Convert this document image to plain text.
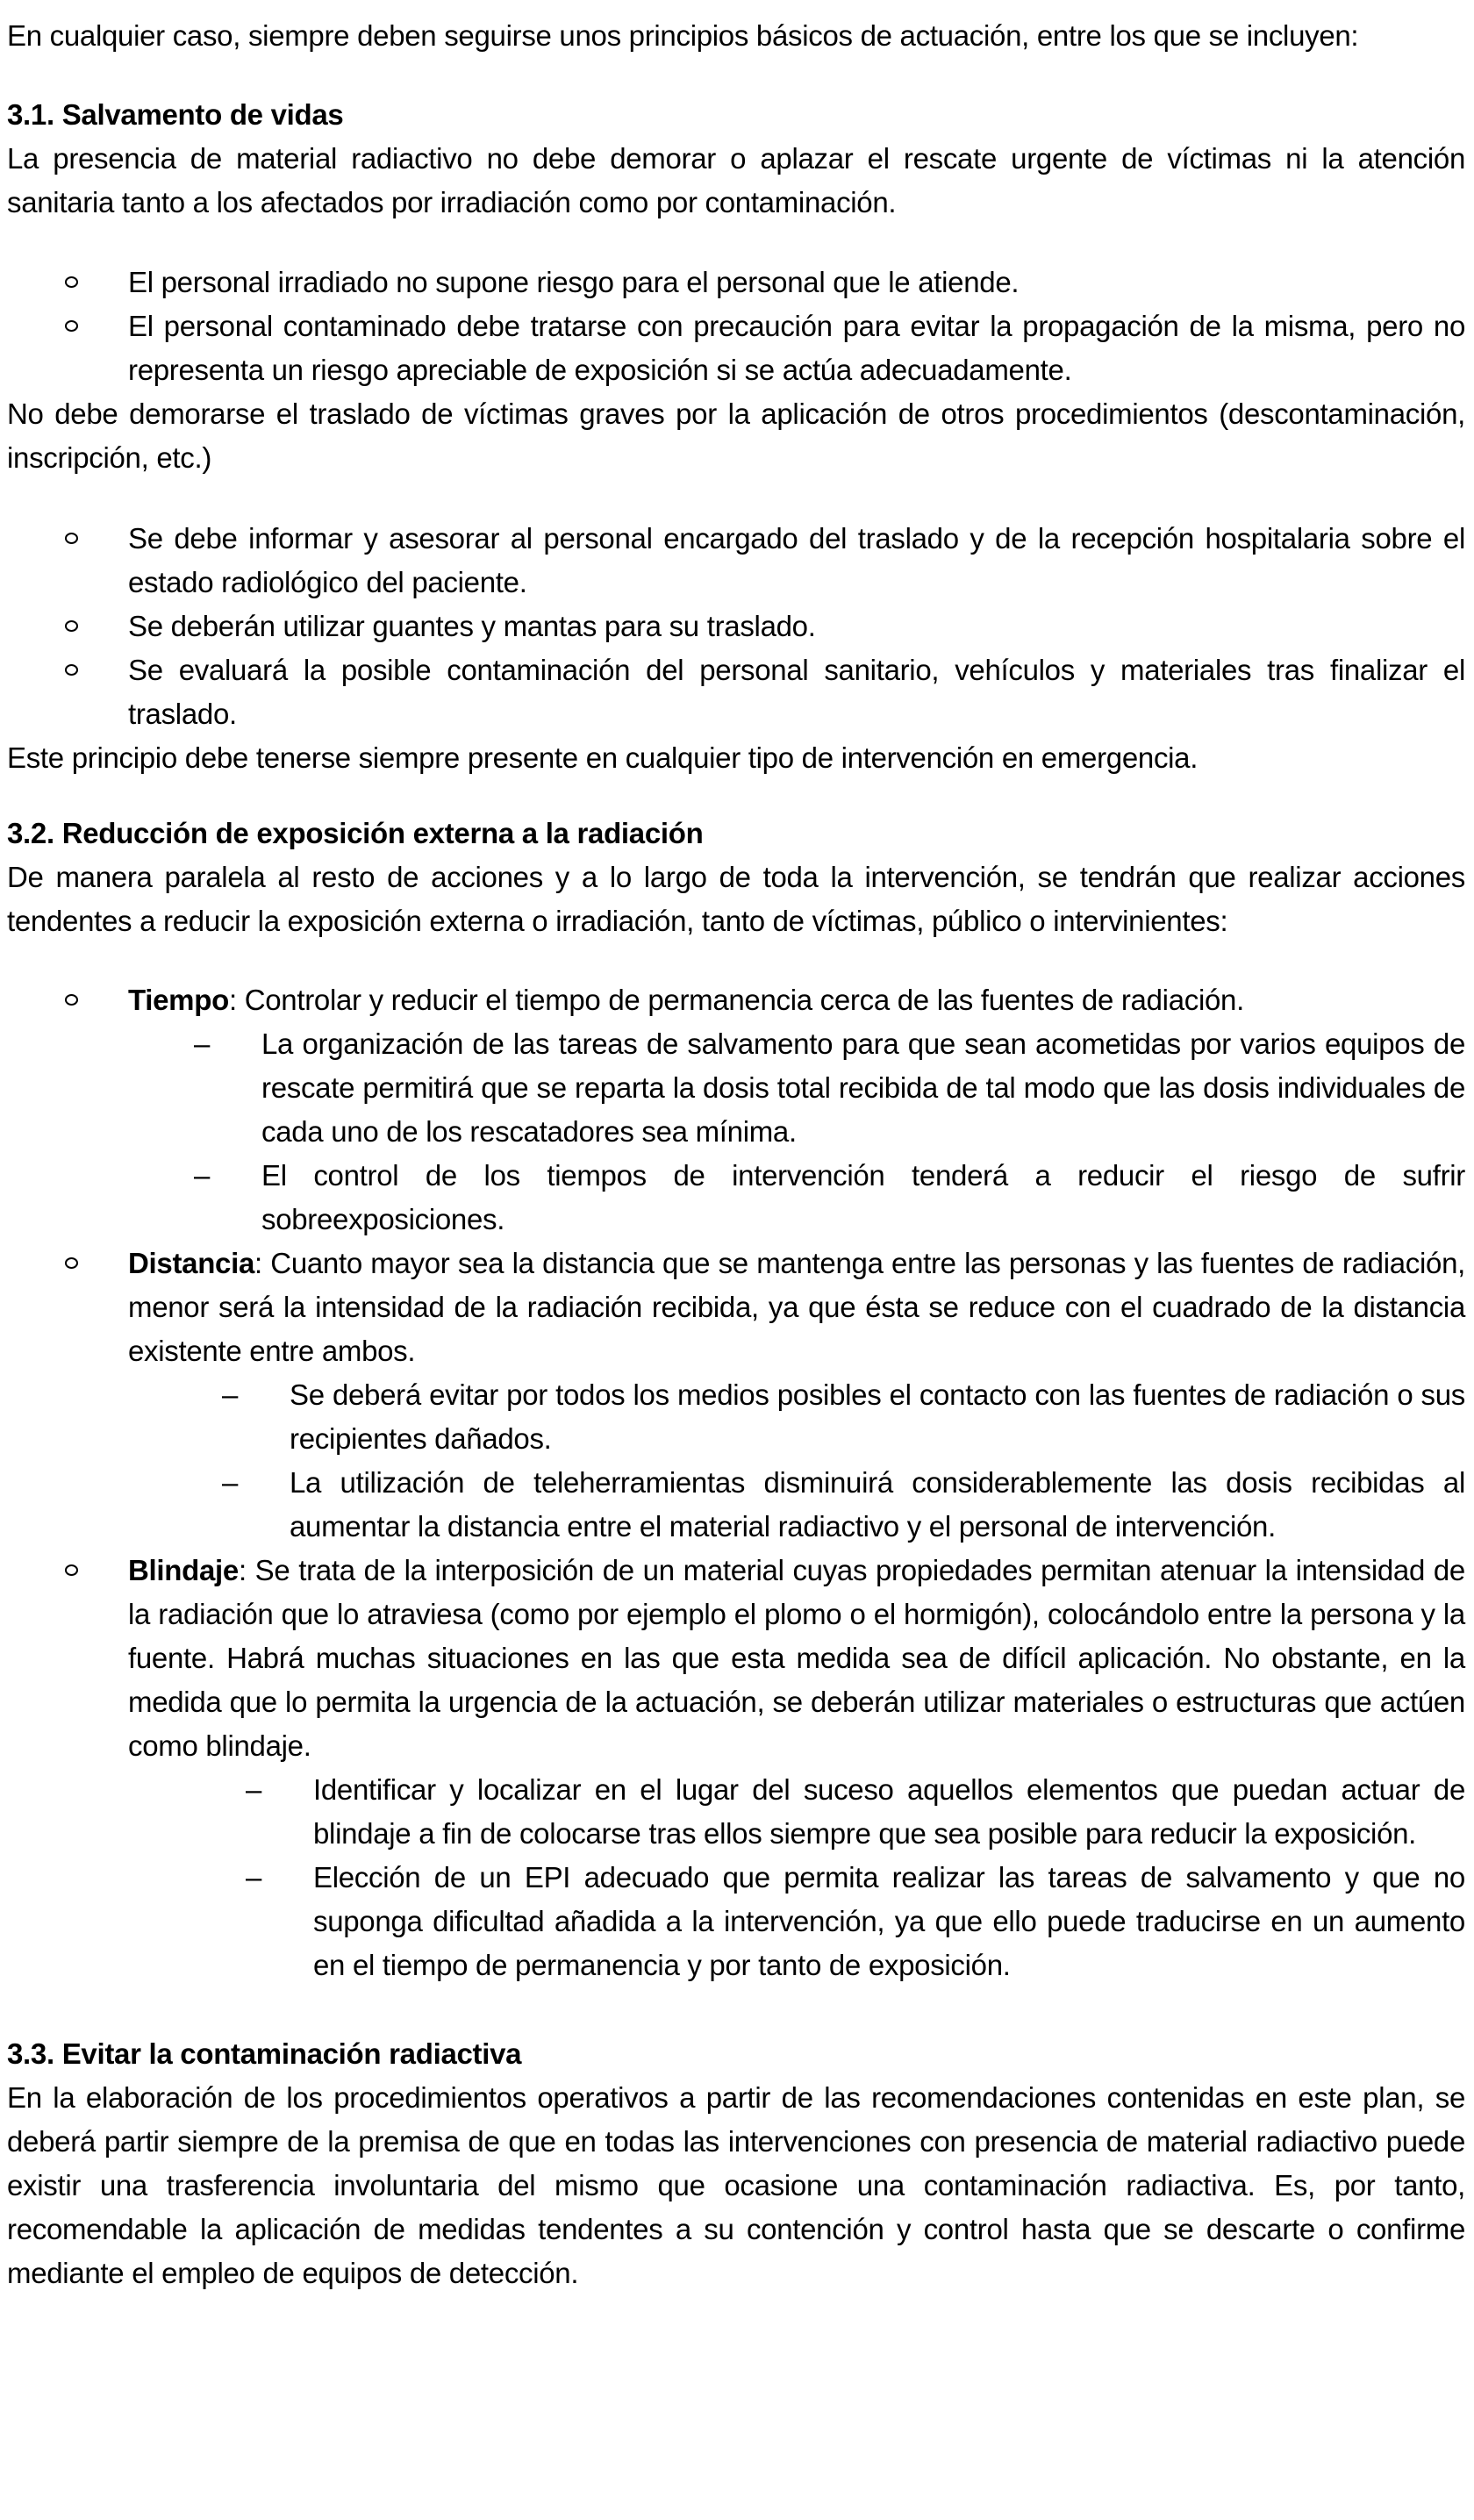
En cualquier caso, siempre deben seguirse unos principios básicos de actuación, entre los que se incluyen:

3.1. Salvamento de vidas

La presencia de material radiactivo no debe demorar o aplazar el rescate urgente de víctimas ni la atención sanitaria tanto a los afectados por irradiación como por contaminación.

El personal irradiado no supone riesgo para el personal que le atiende.
El personal contaminado debe tratarse con precaución para evitar la propagación de la misma, pero no representa un riesgo apreciable de exposición si se actúa adecuadamente.

No debe demorarse el traslado de víctimas graves por la aplicación de otros procedimientos (descontaminación, inscripción, etc.)

Se debe informar y asesorar al personal encargado del traslado y de la recepción hospitalaria sobre el estado radiológico del paciente.
Se deberán utilizar guantes y mantas para su traslado.
Se evaluará la posible contaminación del personal sanitario, vehículos y materiales tras finalizar el traslado.

Este principio debe tenerse siempre presente en cualquier tipo de intervención en emergencia.

3.2. Reducción de exposición externa a la radiación

De manera paralela al resto de acciones y a lo largo de toda la intervención, se tendrán que realizar acciones tendentes a reducir la exposición externa o irradiación, tanto de víctimas, público o intervinientes:

Tiempo: Controlar y reducir el tiempo de permanencia cerca de las fuentes de radiación.
– La organización de las tareas de salvamento para que sean acometidas por varios equipos de rescate permitirá que se reparta la dosis total recibida de tal modo que las dosis individuales de cada uno de los rescatadores sea mínima.
– El control de los tiempos de intervención tenderá a reducir el riesgo de sufrir sobreexposiciones.
Distancia: Cuanto mayor sea la distancia que se mantenga entre las personas y las fuentes de radiación, menor será la intensidad de la radiación recibida, ya que ésta se reduce con el cuadrado de la distancia existente entre ambos.
– Se deberá evitar por todos los medios posibles el contacto con las fuentes de radiación o sus recipientes dañados.
– La utilización de teleherramientas disminuirá considerablemente las dosis recibidas al aumentar la distancia entre el material radiactivo y el personal de intervención.
Blindaje: Se trata de la interposición de un material cuyas propiedades permitan atenuar la intensidad de la radiación que lo atraviesa (como por ejemplo el plomo o el hormigón), colocándolo entre la persona y la fuente. Habrá muchas situaciones en las que esta medida sea de difícil aplicación. No obstante, en la medida que lo permita la urgencia de la actuación, se deberán utilizar materiales o estructuras que actúen como blindaje.
– Identificar y localizar en el lugar del suceso aquellos elementos que puedan actuar de blindaje a fin de colocarse tras ellos siempre que sea posible para reducir la exposición.
– Elección de un EPI adecuado que permita realizar las tareas de salvamento y que no suponga dificultad añadida a la intervención, ya que ello puede traducirse en un aumento en el tiempo de permanencia y por tanto de exposición.
3.3. Evitar la contaminación radiactiva

En la elaboración de los procedimientos operativos a partir de las recomendaciones contenidas en este plan, se deberá partir siempre de la premisa de que en todas las intervenciones con presencia de material radiactivo puede existir una trasferencia involuntaria del mismo que ocasione una contaminación radiactiva. Es, por tanto, recomendable la aplicación de medidas tendentes a su contención y control hasta que se descarte o confirme mediante el empleo de equipos de detección.
